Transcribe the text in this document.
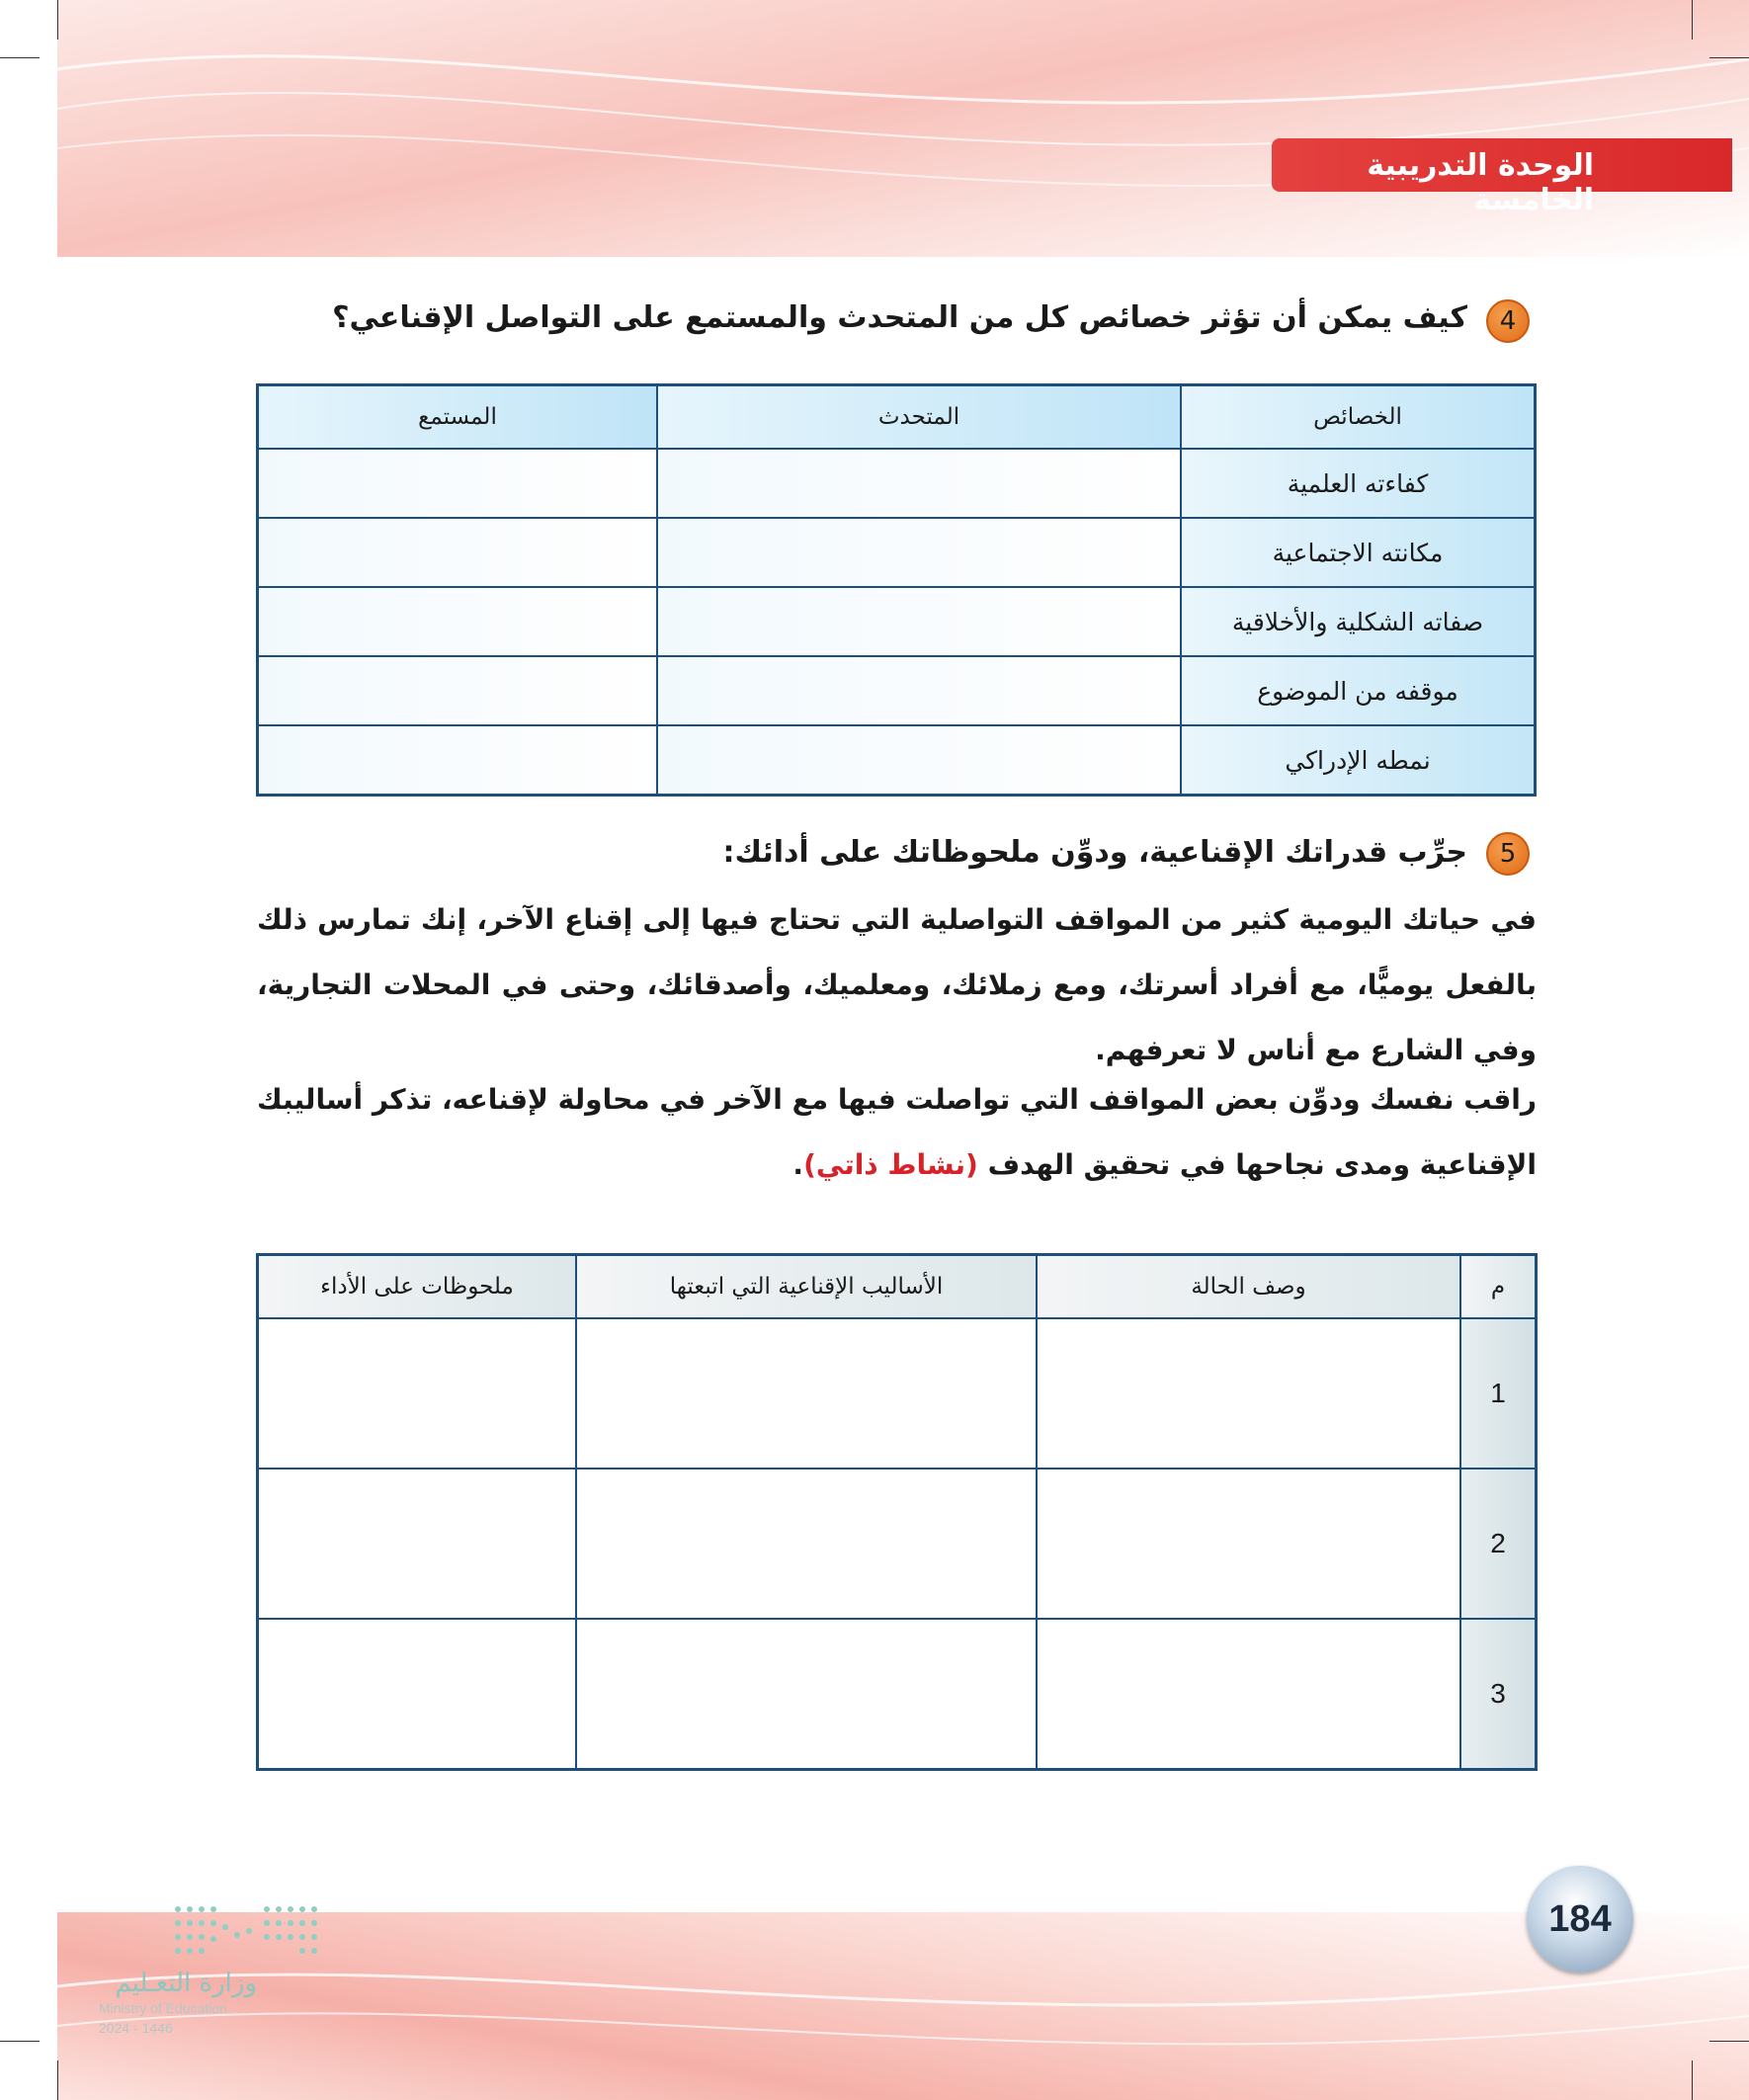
الوحدة التدريبية الخامسة
4
كيف يمكن أن تؤثر خصائص كل من المتحدث والمستمع على التواصل الإقناعي؟
الخصائص	المتحدث	المستمع
كفاءته العلمية		
مكانته الاجتماعية		
صفاته الشكلية والأخلاقية		
موقفه من الموضوع		
نمطه الإدراكي		
5
جرِّب قدراتك الإقناعية، ودوِّن ملحوظاتك على أدائك:
في حياتك اليومية كثير من المواقف التواصلية التي تحتاج فيها إلى إقناع الآخر، إنك تمارس ذلك بالفعل يوميًّا، مع أفراد أسرتك، ومع زملائك، ومعلميك، وأصدقائك، وحتى في المحلات التجارية، وفي الشارع مع أناس لا تعرفهم.
راقب نفسك ودوِّن بعض المواقف التي تواصلت فيها مع الآخر في محاولة لإقناعه، تذكر أساليبك الإقناعية ومدى نجاحها في تحقيق الهدف (نشاط ذاتي).
م	وصف الحالة	الأساليب الإقناعية التي اتبعتها	ملحوظات على الأداء
1			
2			
3			
184
وزارة التعـليم
Ministry of Education
2024 - 1446
